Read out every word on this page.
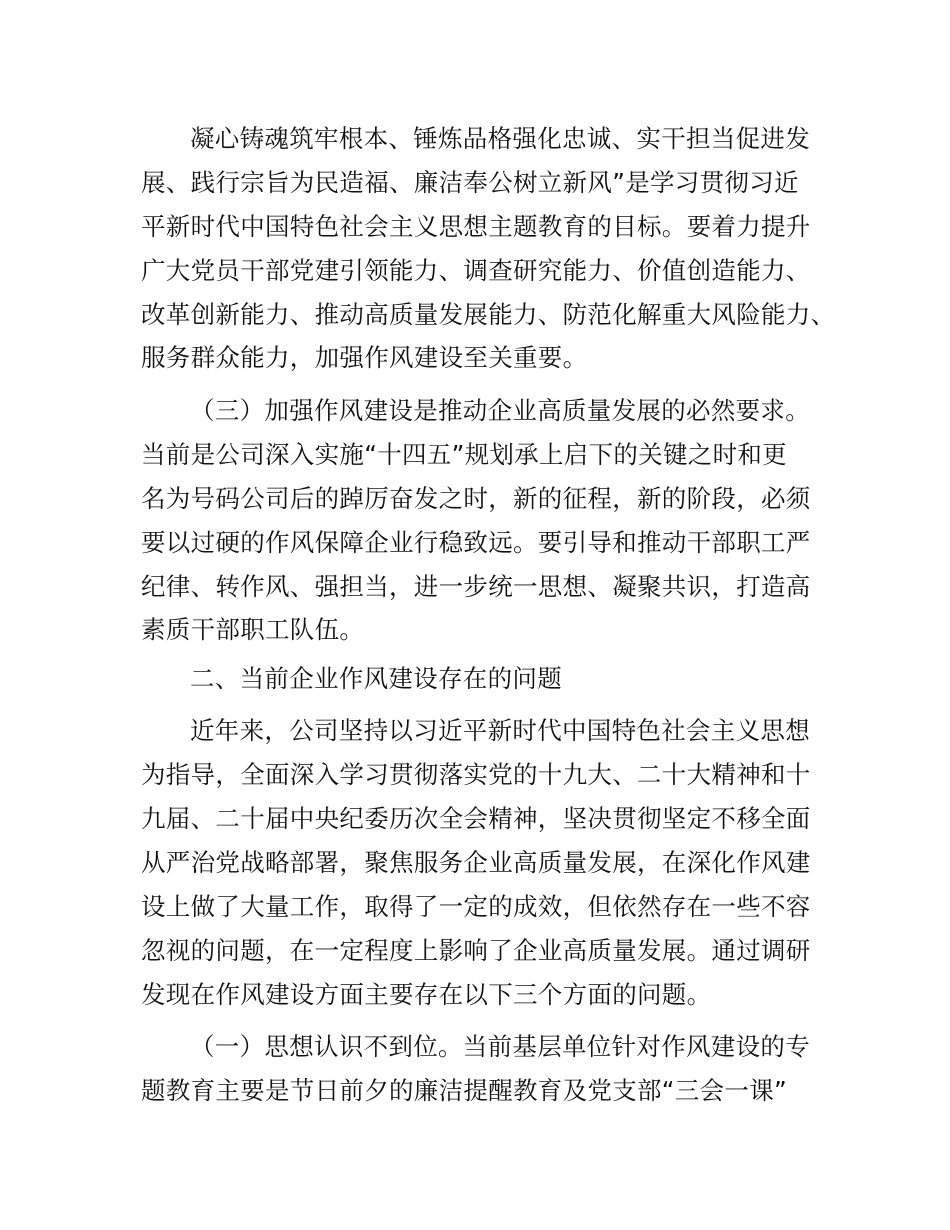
凝心铸魂筑牢根本、锤炼品格强化忠诚、实干担当促进发
展、践行宗旨为民造福、廉洁奉公树立新风”是学习贯彻习近
平新时代中国特色社会主义思想主题教育的目标。要着力提升
广大党员干部党建引领能力、调查研究能力、价值创造能力、
改革创新能力、推动高质量发展能力、防范化解重大风险能力、
服务群众能力，加强作风建设至关重要。
（三）加强作风建设是推动企业高质量发展的必然要求。
当前是公司深入实施“十四五”规划承上启下的关键之时和更
名为号码公司后的踔厉奋发之时，新的征程，新的阶段，必须
要以过硬的作风保障企业行稳致远。要引导和推动干部职工严
纪律、转作风、强担当，进一步统一思想、凝聚共识，打造高
素质干部职工队伍。
二、当前企业作风建设存在的问题
近年来，公司坚持以习近平新时代中国特色社会主义思想
为指导，全面深入学习贯彻落实党的十九大、二十大精神和十
九届、二十届中央纪委历次全会精神，坚决贯彻坚定不移全面
从严治党战略部署，聚焦服务企业高质量发展，在深化作风建
设上做了大量工作，取得了一定的成效，但依然存在一些不容
忽视的问题，在一定程度上影响了企业高质量发展。通过调研
发现在作风建设方面主要存在以下三个方面的问题。
（一）思想认识不到位。当前基层单位针对作风建设的专
题教育主要是节日前夕的廉洁提醒教育及党支部“三会一课”
